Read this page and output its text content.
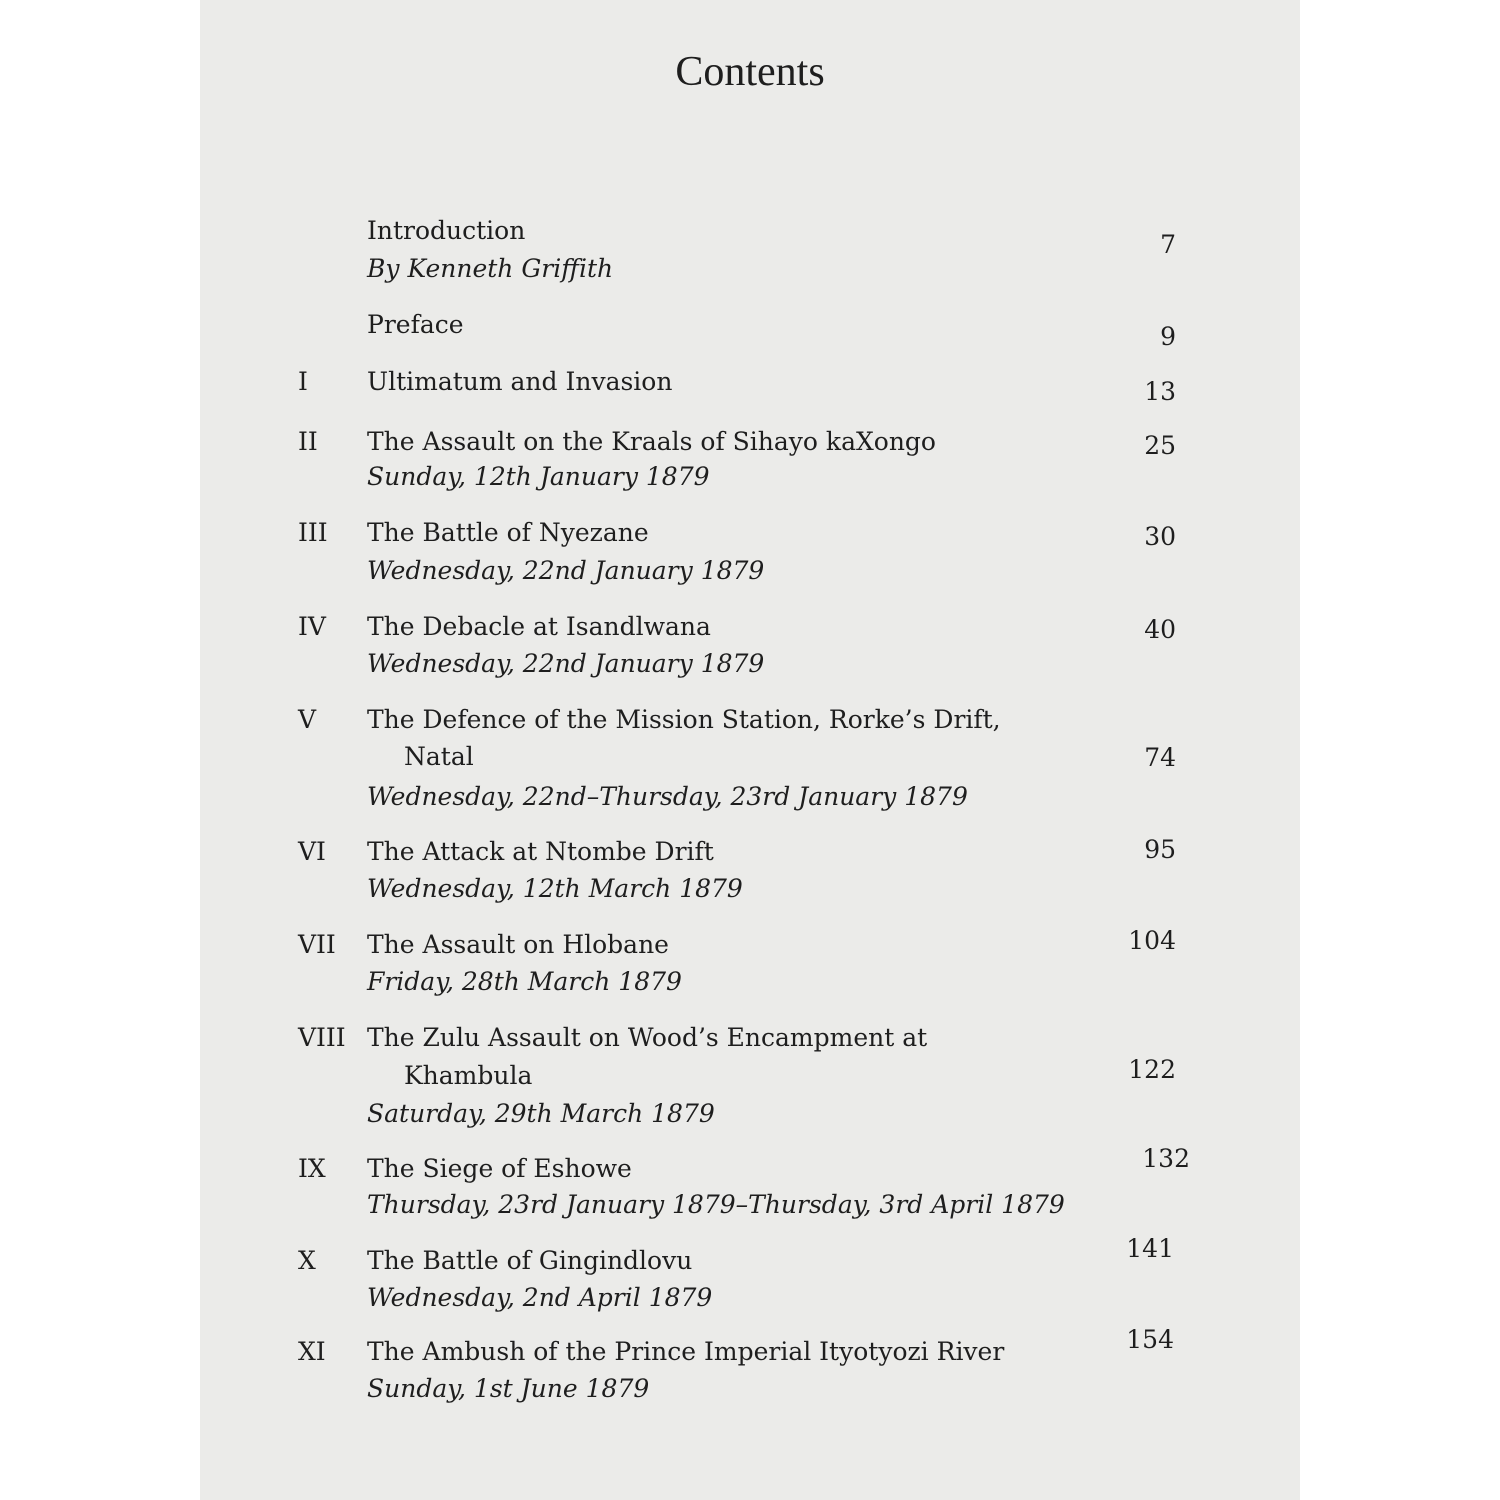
Contents
Introduction
By Kenneth Griffith
7
Preface	9
I Ultimatum and Invasion	13
II The Assault on the Kraals of Sihayo kaXongo
Sunday, 12th January 1879
25
III The Battle of Nyezane
Wednesday, 22nd January 1879
30
IV The Debacle at Isandlwana
Wednesday, 22nd January 1879
40
V The Defence of the Mission Station, Rorke’s Drift,
Natal
Wednesday, 22nd–Thursday, 23rd January 1879
74
VI The Attack at Ntombe Drift
Wednesday, 12th March 1879
95
VII The Assault on Hlobane
Friday, 28th March 1879
104
VIII The Zulu Assault on Wood’s Encampment at
Khambula
Saturday, 29th March 1879
122
IX The Siege of Eshowe
Thursday, 23rd January 1879–Thursday, 3rd April 1879
132
X The Battle of Gingindlovu
Wednesday, 2nd April 1879
141
XI The Ambush of the Prince Imperial Ityotyozi River
Sunday, 1st June 1879
154
